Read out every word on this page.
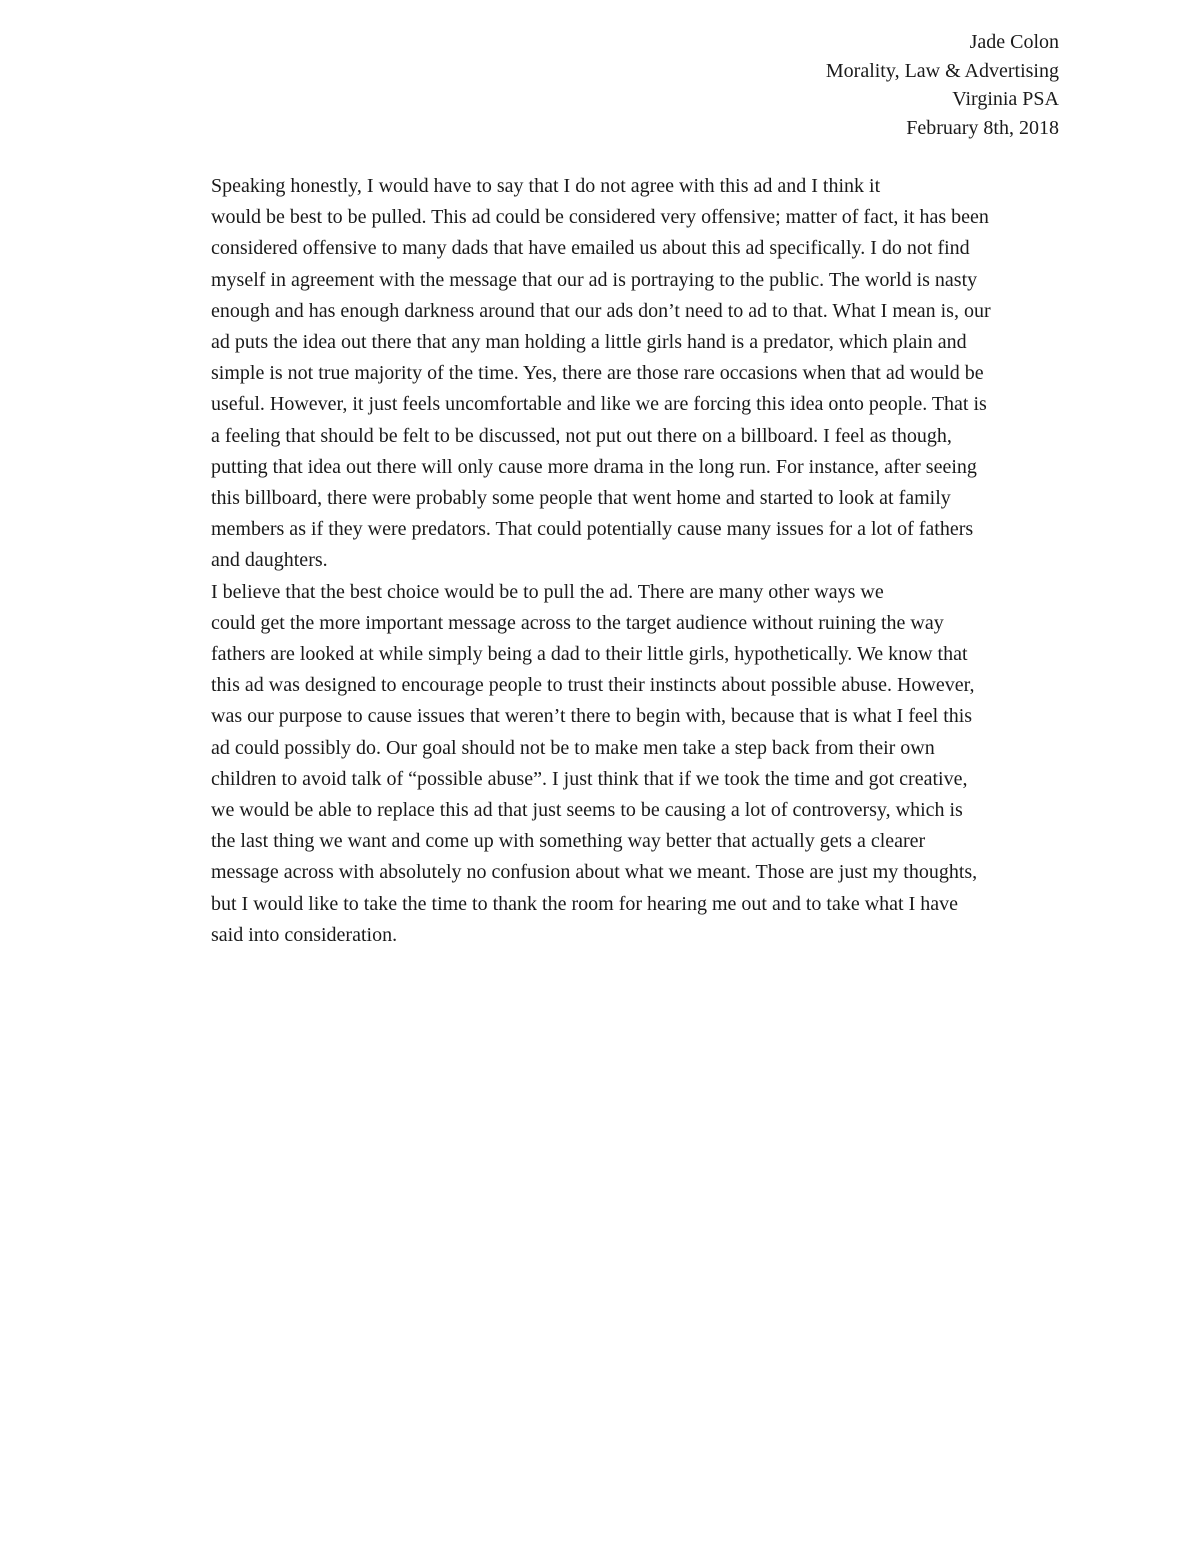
Jade Colon
Morality, Law & Advertising
Virginia PSA
February 8th, 2018

Speaking honestly, I would have to say that I do not agree with this ad and I think it
would be best to be pulled. This ad could be considered very offensive; matter of fact, it has been
considered offensive to many dads that have emailed us about this ad specifically. I do not find
myself in agreement with the message that our ad is portraying to the public. The world is nasty
enough and has enough darkness around that our ads don’t need to ad to that. What I mean is, our
ad puts the idea out there that any man holding a little girls hand is a predator, which plain and
simple is not true majority of the time. Yes, there are those rare occasions when that ad would be
useful. However, it just feels uncomfortable and like we are forcing this idea onto people. That is
a feeling that should be felt to be discussed, not put out there on a billboard. I feel as though,
putting that idea out there will only cause more drama in the long run. For instance, after seeing
this billboard, there were probably some people that went home and started to look at family
members as if they were predators. That could potentially cause many issues for a lot of fathers
and daughters.

I believe that the best choice would be to pull the ad. There are many other ways we
could get the more important message across to the target audience without ruining the way
fathers are looked at while simply being a dad to their little girls, hypothetically. We know that
this ad was designed to encourage people to trust their instincts about possible abuse. However,
was our purpose to cause issues that weren’t there to begin with, because that is what I feel this
ad could possibly do. Our goal should not be to make men take a step back from their own
children to avoid talk of “possible abuse”. I just think that if we took the time and got creative,
we would be able to replace this ad that just seems to be causing a lot of controversy, which is
the last thing we want and come up with something way better that actually gets a clearer
message across with absolutely no confusion about what we meant. Those are just my thoughts,
but I would like to take the time to thank the room for hearing me out and to take what I have
said into consideration.
